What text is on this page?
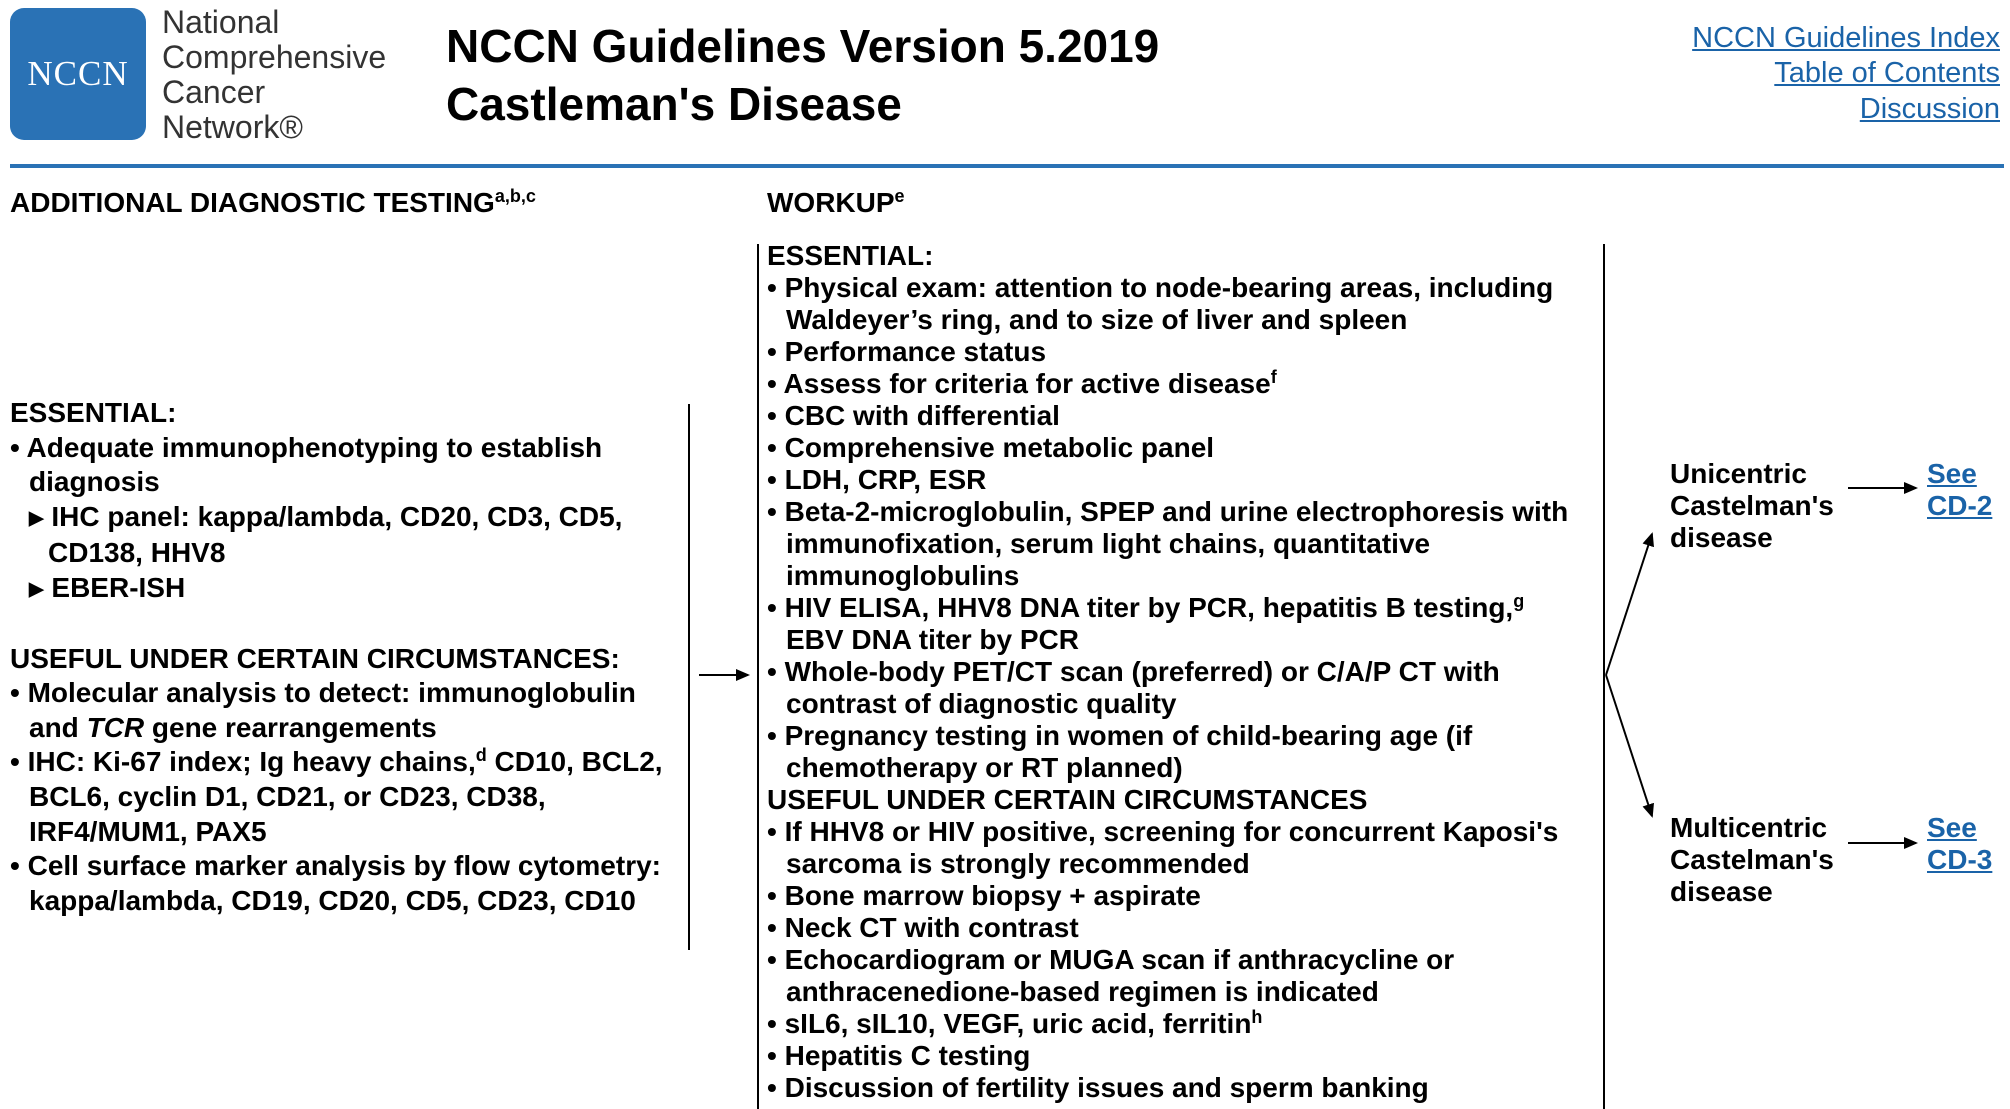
NCCN
National
Comprehensive
Cancer
Network®
NCCN Guidelines Version 5.2019
Castleman's Disease
NCCN Guidelines Index
Table of Contents
Discussion
ADDITIONAL DIAGNOSTIC TESTING$^{a,b,c}$	WORKUP$^e$

ESSENTIAL:

• Adequate immunophenotyping to establish diagnosis

▶ IHC panel: kappa/lambda, CD20, CD3, CD5, CD138, HHV8

▶ EBER-ISH

USEFUL UNDER CERTAIN CIRCUMSTANCES:

• Molecular analysis to detect: immunoglobulin and TCR gene rearrangements

• IHC: Ki-67 index; Ig heavy chains,$^d$ CD10, BCL2, BCL6, cyclin D1, CD21, or CD23, CD38, IRF4/MUM1, PAX5

• Cell surface marker analysis by flow cytometry: kappa/lambda, CD19, CD20, CD5, CD23, CD10

ESSENTIAL:

• Physical exam: attention to node-bearing areas, including Waldeyer’s ring, and to size of liver and spleen

• Performance status

• Assess for criteria for active disease$^f$

• CBC with differential

• Comprehensive metabolic panel

• LDH, CRP, ESR

• Beta-2-microglobulin, SPEP and urine electrophoresis with immunofixation, serum light chains, quantitative immunoglobulins

• HIV ELISA, HHV8 DNA titer by PCR, hepatitis B testing,$^g$
EBV DNA titer by PCR

• Whole-body PET/CT scan (preferred) or C/A/P CT with contrast of diagnostic quality

• Pregnancy testing in women of child-bearing age (if chemotherapy or RT planned)

USEFUL UNDER CERTAIN CIRCUMSTANCES

• If HHV8 or HIV positive, screening for concurrent Kaposi's sarcoma is strongly recommended

• Bone marrow biopsy + aspirate

• Neck CT with contrast

• Echocardiogram or MUGA scan if anthracycline or anthracenedione-based regimen is indicated

• sIL6, sIL10, VEGF, uric acid, ferritin$^h$

• Hepatitis C testing

• Discussion of fertility issues and sperm banking

Unicentric
Castelman's
disease
Multicentric
Castelman's
disease
See
CD-2
See
CD-3
